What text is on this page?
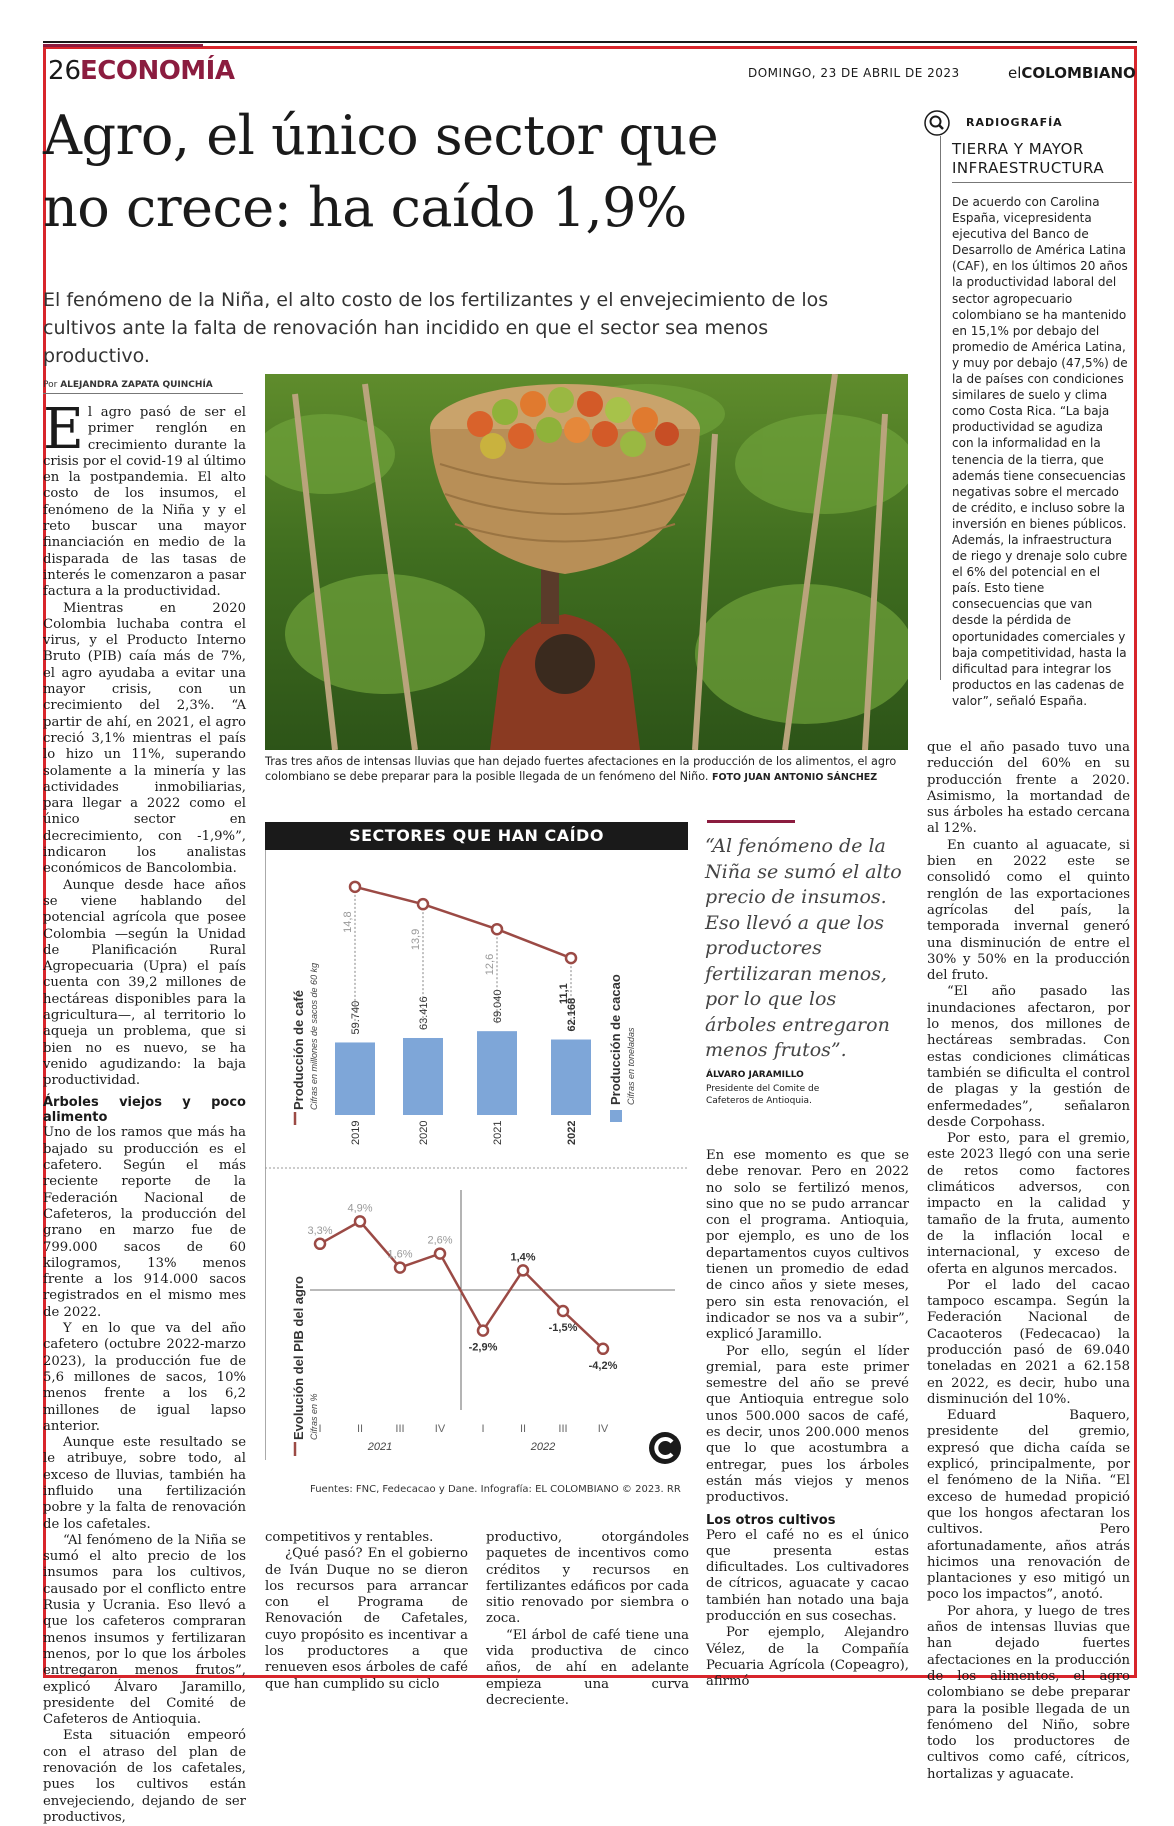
26
ECONOMÍA	DOMINGO, 23 DE ABRIL DE 2023	elCOLOMBIANO
Agro, el único sector que
no crece: ha caído 1,9%
El fenómeno de la Niña, el alto costo de los fertilizantes y el envejecimiento de los cultivos ante la falta de renovación han incidido en que el sector sea menos productivo.
RADIOGRAFÍA
TIERRA Y MAYOR INFRAESTRUCTURA
De acuerdo con Carolina España, vicepresidenta ejecutiva del Banco de Desarrollo de América Latina (CAF), en los últimos 20 años la productividad laboral del sector agropecuario colombiano se ha mantenido en 15,1% por debajo del promedio de América Latina, y muy por debajo (47,5%) de la de países con condiciones similares de suelo y clima como Costa Rica. “La baja productividad se agudiza con la informalidad en la tenencia de la tierra, que además tiene consecuencias negativas sobre el mercado de crédito, e incluso sobre la inversión en bienes públicos. Además, la infraestructura de riego y drenaje solo cubre el 6% del potencial en el país. Esto tiene consecuencias que van desde la pérdida de oportunidades comerciales y baja competitividad, hasta la dificultad para integrar los productos en las cadenas de valor”, señaló España.
Por ALEJANDRA ZAPATA QUINCHÍA

El agro pasó de ser el primer renglón en crecimiento durante la crisis por el covid-19 al último en la postpandemia. El alto costo de los insumos, el fenómeno de la Niña y y el reto buscar una mayor financiación en medio de la disparada de las tasas de interés le comenzaron a pasar factura a la productividad.

Mientras en 2020 Colombia luchaba contra el virus, y el Producto Interno Bruto (PIB) caía más de 7%, el agro ayudaba a evitar una mayor crisis, con un crecimiento del 2,3%. “A partir de ahí, en 2021, el agro creció 3,1% mientras el país lo hizo un 11%, superando solamente a la minería y las actividades inmobiliarias, para llegar a 2022 como el único sector en decrecimiento, con -1,9%”, indicaron los analistas económicos de Bancolombia.

Aunque desde hace años se viene hablando del potencial agrícola que posee Colombia —según la Unidad de Planificación Rural Agropecuaria (Upra) el país cuenta con 39,2 millones de hectáreas disponibles para la agricultura—, al territorio lo aqueja un problema, que si bien no es nuevo, se ha venido agudizando: la baja productividad.

Árboles viejos y poco alimento

Uno de los ramos que más ha bajado su producción es el cafetero. Según el más reciente reporte de la Federación Nacional de Cafeteros, la producción del grano en marzo fue de 799.000 sacos de 60 kilogramos, 13% menos frente a los 914.000 sacos registrados en el mismo mes de 2022.

Y en lo que va del año cafetero (octubre 2022-marzo 2023), la producción fue de 5,6 millones de sacos, 10% menos frente a los 6,2 millones de igual lapso anterior.

Aunque este resultado se le atribuye, sobre todo, al exceso de lluvias, también ha influido una fertilización pobre y la falta de renovación de los cafetales.

“Al fenómeno de la Niña se sumó el alto precio de los insumos para los cultivos, causado por el conflicto entre Rusia y Ucrania. Eso llevó a que los cafeteros compraran menos insumos y fertilizaran menos, por lo que los árboles entregaron menos frutos”, explicó Álvaro Jaramillo, presidente del Comité de Cafeteros de Antioquia.

Esta situación empeoró con el atraso del plan de renovación de los cafetales, pues los cultivos están envejeciendo, dejando de ser productivos,

Tras tres años de intensas lluvias que han dejado fuertes afectaciones en la producción de los alimentos, el agro colombiano se debe preparar para la posible llegada de un fenómeno del Niño. FOTO JUAN ANTONIO SÁNCHEZ
SECTORES QUE HAN CAÍDO
59.740
2019
63.416
2020
69.040
2021
62.168
2022
14,8
13,9
12,6
11,1
Producción de café Cifras en millones de sacos de 60 kg	Producción de cacao Cifras en toneladas
3,3%
I
4,9%
II
1,6%
III
2,6%
IV
-2,9%
I
1,4%
II
-1,5%
III
-4,2%
IV
2021	2022
Evolución del PIB del agro Cifras en %
Fuentes: FNC, Fedecacao y Dane. Infografía: EL COLOMBIANO © 2023. RR
“Al fenómeno de la Niña se sumó el alto precio de insumos. Eso llevó a que los productores fertilizaran menos, por lo que los árboles entregaron menos frutos”.
ÁLVARO JARAMILLO
Presidente del Comite de Cafeteros de Antioquia.

competitivos y rentables.

¿Qué pasó? En el gobierno de Iván Duque no se dieron los recursos para arrancar con el Programa de Renovación de Cafetales, cuyo propósito es incentivar a los productores a que renueven esos árboles de café que han cumplido su ciclo

productivo, otorgándoles paquetes de incentivos como créditos y recursos en fertilizantes edáficos por cada sitio renovado por siembra o zoca.

“El árbol de café tiene una vida productiva de cinco años, de ahí en adelante empieza una curva decreciente.

En ese momento es que se debe renovar. Pero en 2022 no solo se fertilizó menos, sino que no se pudo arrancar con el programa. Antioquia, por ejemplo, es uno de los departamentos cuyos cultivos tienen un promedio de edad de cinco años y siete meses, pero sin esta renovación, el indicador se nos va a subir”, explicó Jaramillo.

Por ello, según el líder gremial, para este primer semestre del año se prevé que Antioquia entregue solo unos 500.000 sacos de café, es decir, unos 200.000 menos que lo que acostumbra a entregar, pues los árboles están más viejos y menos productivos.

Los otros cultivos

Pero el café no es el único que presenta estas dificultades. Los cultivadores de cítricos, aguacate y cacao también han notado una baja producción en sus cosechas.

Por ejemplo, Alejandro Vélez, de la Compañía Pecuaria Agrícola (Copeagro), afirmó

que el año pasado tuvo una reducción del 60% en su producción frente a 2020. Asimismo, la mortandad de sus árboles ha estado cercana al 12%.

En cuanto al aguacate, si bien en 2022 este se consolidó como el quinto renglón de las exportaciones agrícolas del país, la temporada invernal generó una disminución de entre el 30% y 50% en la producción del fruto.

“El año pasado las inundaciones afectaron, por lo menos, dos millones de hectáreas sembradas. Con estas condiciones climáticas también se dificulta el control de plagas y la gestión de enfermedades”, señalaron desde Corpohass.

Por esto, para el gremio, este 2023 llegó con una serie de retos como factores climáticos adversos, con impacto en la calidad y tamaño de la fruta, aumento de la inflación local e internacional, y exceso de oferta en algunos mercados.

Por el lado del cacao tampoco escampa. Según la Federación Nacional de Cacaoteros (Fedecacao) la producción pasó de 69.040 toneladas en 2021 a 62.158 en 2022, es decir, hubo una disminución del 10%.

Eduard Baquero, presidente del gremio, expresó que dicha caída se explicó, principalmente, por el fenómeno de la Niña. “El exceso de humedad propició que los hongos afectaran los cultivos. Pero afortunadamente, años atrás hicimos una renovación de plantaciones y eso mitigó un poco los impactos”, anotó.

Por ahora, y luego de tres años de intensas lluvias que han dejado fuertes afectaciones en la producción de los alimentos, el agro colombiano se debe preparar para la posible llegada de un fenómeno del Niño, sobre todo los productores de cultivos como café, cítricos, hortalizas y aguacate.
